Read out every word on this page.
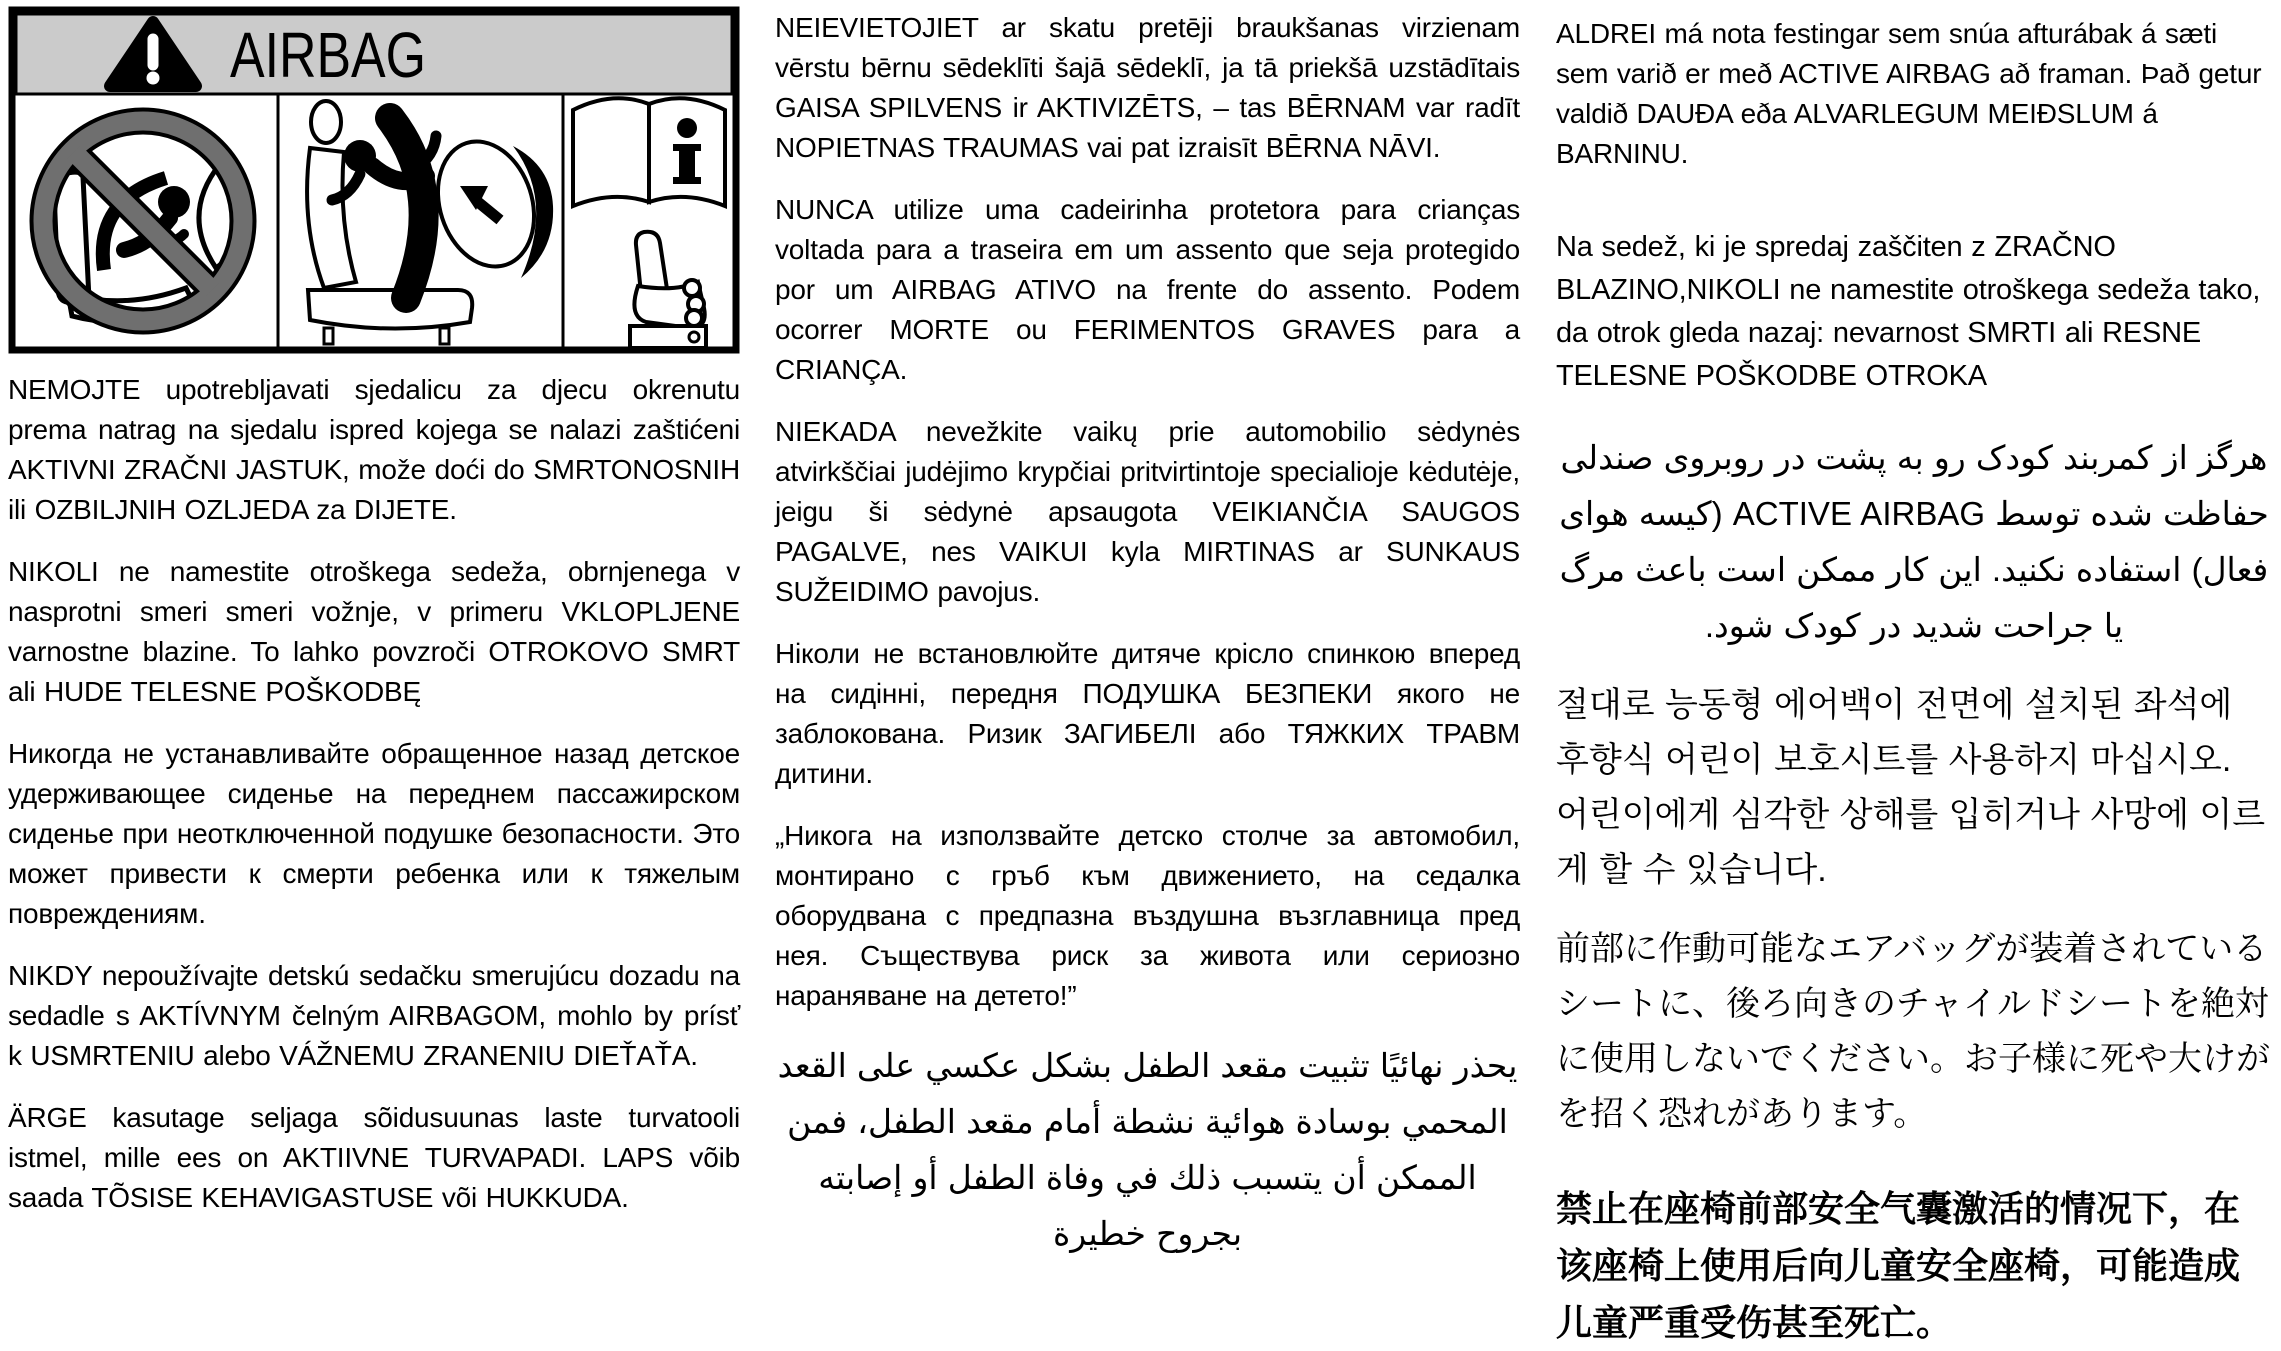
AIRBAG

NEMOJTE upotrebljavati sjedalicu za djecu okrenutu prema natrag na sjedalu ispred kojega se nalazi zaštićeni AKTIVNI ZRAČNI JASTUK, može doći do SMRTONOSNIH ili OZBILJNIH OZLJEDA za DIJETE.

NIKOLI ne namestite otroškega sedeža, obrnjenega v nasprotni smeri smeri vožnje, v primeru VKLOPLJENE varnostne blazine. To lahko povzroči OTROKOVO SMRT ali HUDE TELESNE POŠKODBĘ

Никогда не устанавливайте обращенное назад детское удерживающее сиденье на переднем пассажирском сиденье при неотключенной подушке безопасности. Это может привести к смерти ребенка или к тяжелым повреждениям.

NIKDY nepoužívajte detskú sedačku smerujúcu dozadu na sedadle s AKTÍVNYM čelným AIRBAGOM, mohlo by prísť k USMRTENIU alebo VÁŽNEMU ZRANENIU DIEŤAŤA.

ÄRGE kasutage seljaga sõidusuunas laste turvatooli istmel, mille ees on AKTIIVNE TURVAPADI. LAPS võib saada TÕSISE KEHAVIGASTUSE või HUKKUDA.

NEIEVIETOJIET ar skatu pretēji braukšanas virzienam vērstu bērnu sēdeklīti šajā sēdeklī, ja tā priekšā uzstādītais GAISA SPILVENS ir AKTIVIZĒTS, – tas BĒRNAM var radīt NOPIETNAS TRAUMAS vai pat izraisīt BĒRNA NĀVI.

NUNCA utilize uma cadeirinha protetora para crianças voltada para a traseira em um assento que seja protegido por um AIRBAG ATIVO na frente do assento. Podem ocorrer MORTE ou FERIMENTOS GRAVES para a CRIANÇA.

NIEKADA nevežkite vaikų prie automobilio sėdynės atvirkščiai judėjimo krypčiai pritvirtintoje specialioje kėdutėje, jeigu ši sėdynė apsaugota VEIKIANČIA SAUGOS PAGALVE, nes VAIKUI kyla MIRTINAS ar SUNKAUS SUŽEIDIMO pavojus.

Ніколи не встановлюйте дитяче крісло спинкою вперед на сидінні, передня ПОДУШКА БЕЗПЕКИ якого не заблокована. Ризик ЗАГИБЕЛІ або ТЯЖКИХ ТРАВМ дитини.

„Никога на използвайте детско столче за автомобил, монтирано с гръб към движението, на седалка оборудвана с предпазна въздушна възглавница пред нея. Съществува риск за живота или сериозно нараняване на детето!”

يحذر نهائيًا تثبيت مقعد الطفل بشكل عكسي على القعد المحمي بوسادة هوائية نشطة أمام مقعد الطفل، فمن الممكن أن يتسبب ذلك في وفاة الطفل أو إصابته بجروح خطيرة

ALDREI má nota festingar sem snúa afturábak á sæti sem varið er með ACTIVE AIRBAG að framan. Það getur valdið DAUÐA eða ALVARLEGUM MEIÐSLUM á BARNINU.

Na sedež, ki je spredaj zaščiten z ZRAČNO BLAZINO,NIKOLI ne namestite otroškega sedeža tako, da otrok gleda nazaj: nevarnost SMRTI ali RESNE TELESNE POŠKODBE OTROKA

هرگز از کمربند کودک رو به پشت در روبروی صندلی حفاظت شده توسط ACTIVE AIRBAG (کیسه هوای فعال) استفاده نکنید. این کار ممکن است باعث مرگ یا جراحت شدید در کودک شود.

절대로 능동형 에어백이 전면에 설치된 좌석에 후향식 어린이 보호시트를 사용하지 마십시오. 어린이에게 심각한 상해를 입히거나 사망에 이르게 할 수 있습니다.

前部に作動可能なエアバッグが装着されているシートに、後ろ向きのチャイルドシートを絶対に使用しないでください。お子様に死や大けがを招く恐れがあります。

禁止在座椅前部安全气囊激活的情况下，在该座椅上使用后向儿童安全座椅，可能造成儿童严重受伤甚至死亡。
